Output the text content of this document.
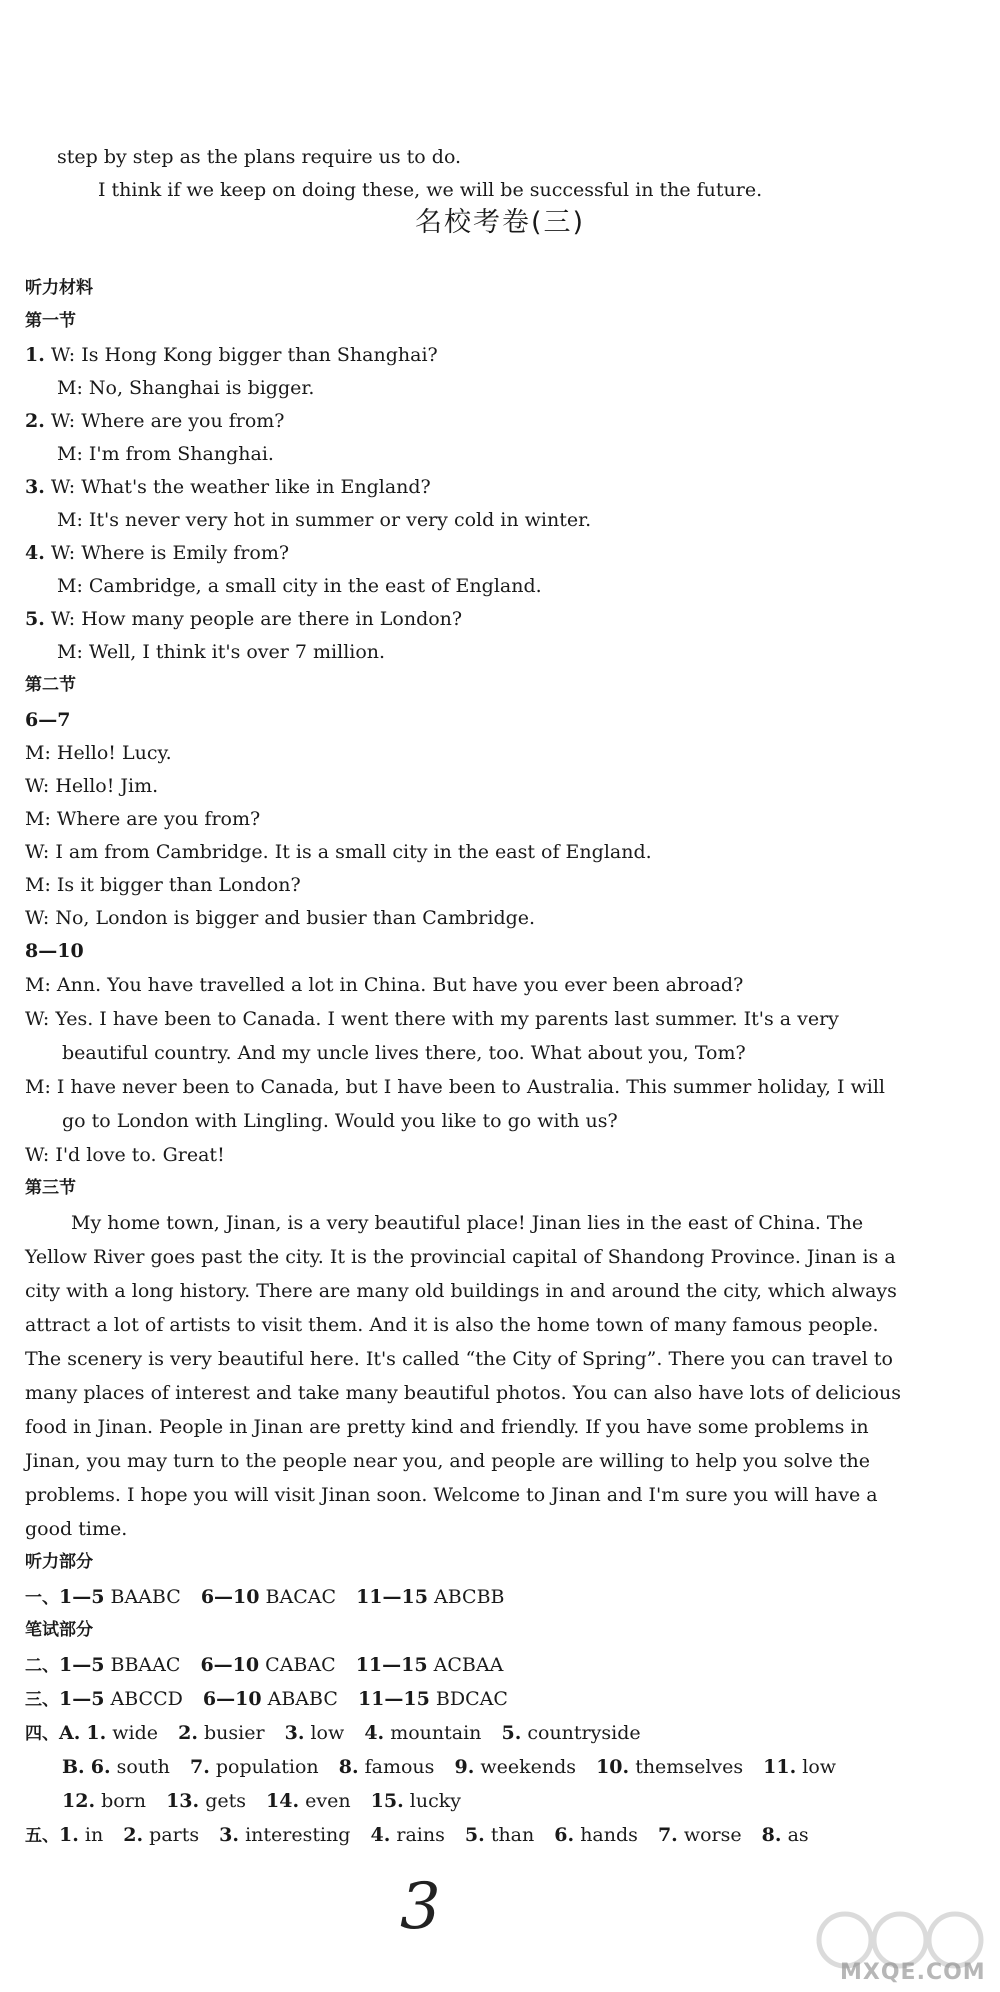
step by step as the plans require us to do.
I think if we keep on doing these, we will be successful in the future.
名校考卷(三)
听力材料
第一节
1. W: Is Hong Kong bigger than Shanghai?
M: No, Shanghai is bigger.
2. W: Where are you from?
M: I'm from Shanghai.
3. W: What's the weather like in England?
M: It's never very hot in summer or very cold in winter.
4. W: Where is Emily from?
M: Cambridge, a small city in the east of England.
5. W: How many people are there in London?
M: Well, I think it's over 7 million.
第二节
6—7
M: Hello! Lucy.
W: Hello! Jim.
M: Where are you from?
W: I am from Cambridge. It is a small city in the east of England.
M: Is it bigger than London?
W: No, London is bigger and busier than Cambridge.
8—10
M: Ann. You have travelled a lot in China. But have you ever been abroad?
W: Yes. I have been to Canada. I went there with my parents last summer. It's a very
beautiful country. And my uncle lives there, too. What about you, Tom?
M: I have never been to Canada, but I have been to Australia. This summer holiday, I will
go to London with Lingling. Would you like to go with us?
W: I'd love to. Great!
第三节
My home town, Jinan, is a very beautiful place! Jinan lies in the east of China. The
Yellow River goes past the city. It is the provincial capital of Shandong Province. Jinan is a
city with a long history. There are many old buildings in and around the city, which always
attract a lot of artists to visit them. And it is also the home town of many famous people.
The scenery is very beautiful here. It's called “the City of Spring”. There you can travel to
many places of interest and take many beautiful photos. You can also have lots of delicious
food in Jinan. People in Jinan are pretty kind and friendly. If you have some problems in
Jinan, you may turn to the people near you, and people are willing to help you solve the
problems. I hope you will visit Jinan soon. Welcome to Jinan and I'm sure you will have a
good time.
听力部分
一、1—5 BAABC 6—10 BACAC 11—15 ABCBB
笔试部分
二、1—5 BBAAC 6—10 CABAC 11—15 ACBAA
三、1—5 ABCCD 6—10 ABABC 11—15 BDCAC
四、A. 1. wide 2. busier 3. low 4. mountain 5. countryside
B. 6. south 7. population 8. famous 9. weekends 10. themselves 11. low
12. born 13. gets 14. even 15. lucky
五、1. in 2. parts 3. interesting 4. rains 5. than 6. hands 7. worse 8. as
3
MXQE.COM
